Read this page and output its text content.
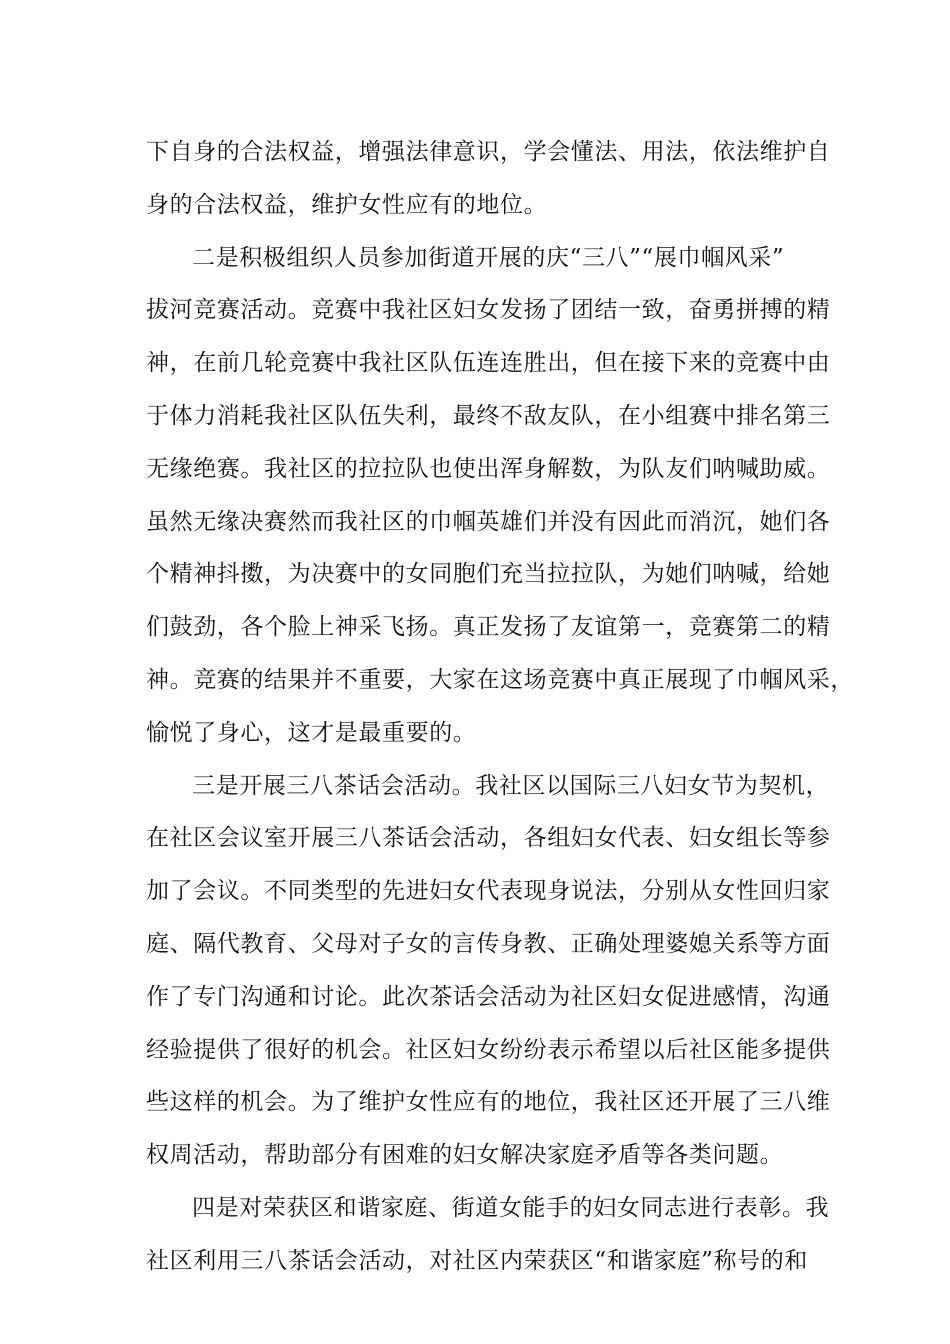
下自身的合法权益，增强法律意识，学会懂法、用法，依法维护自
身的合法权益，维护女性应有的地位。
二是积极组织人员参加街道开展的庆“三八”“展巾帼风采”
拔河竞赛活动。竞赛中我社区妇女发扬了团结一致，奋勇拼搏的精
神，在前几轮竞赛中我社区队伍连连胜出，但在接下来的竞赛中由
于体力消耗我社区队伍失利，最终不敌友队，在小组赛中排名第三
无缘绝赛。我社区的拉拉队也使出浑身解数，为队友们呐喊助威。
虽然无缘决赛然而我社区的巾帼英雄们并没有因此而消沉，她们各
个精神抖擞，为决赛中的女同胞们充当拉拉队，为她们呐喊，给她
们鼓劲，各个脸上神采飞扬。真正发扬了友谊第一，竞赛第二的精
神。竞赛的结果并不重要，大家在这场竞赛中真正展现了巾帼风采，
愉悦了身心，这才是最重要的。
三是开展三八茶话会活动。我社区以国际三八妇女节为契机，
在社区会议室开展三八茶话会活动，各组妇女代表、妇女组长等参
加了会议。不同类型的先进妇女代表现身说法，分别从女性回归家
庭、隔代教育、父母对子女的言传身教、正确处理婆媳关系等方面
作了专门沟通和讨论。此次茶话会活动为社区妇女促进感情，沟通
经验提供了很好的机会。社区妇女纷纷表示希望以后社区能多提供
些这样的机会。为了维护女性应有的地位，我社区还开展了三八维
权周活动，帮助部分有困难的妇女解决家庭矛盾等各类问题。
四是对荣获区和谐家庭、街道女能手的妇女同志进行表彰。我
社区利用三八茶话会活动，对社区内荣获区“和谐家庭”称号的和
